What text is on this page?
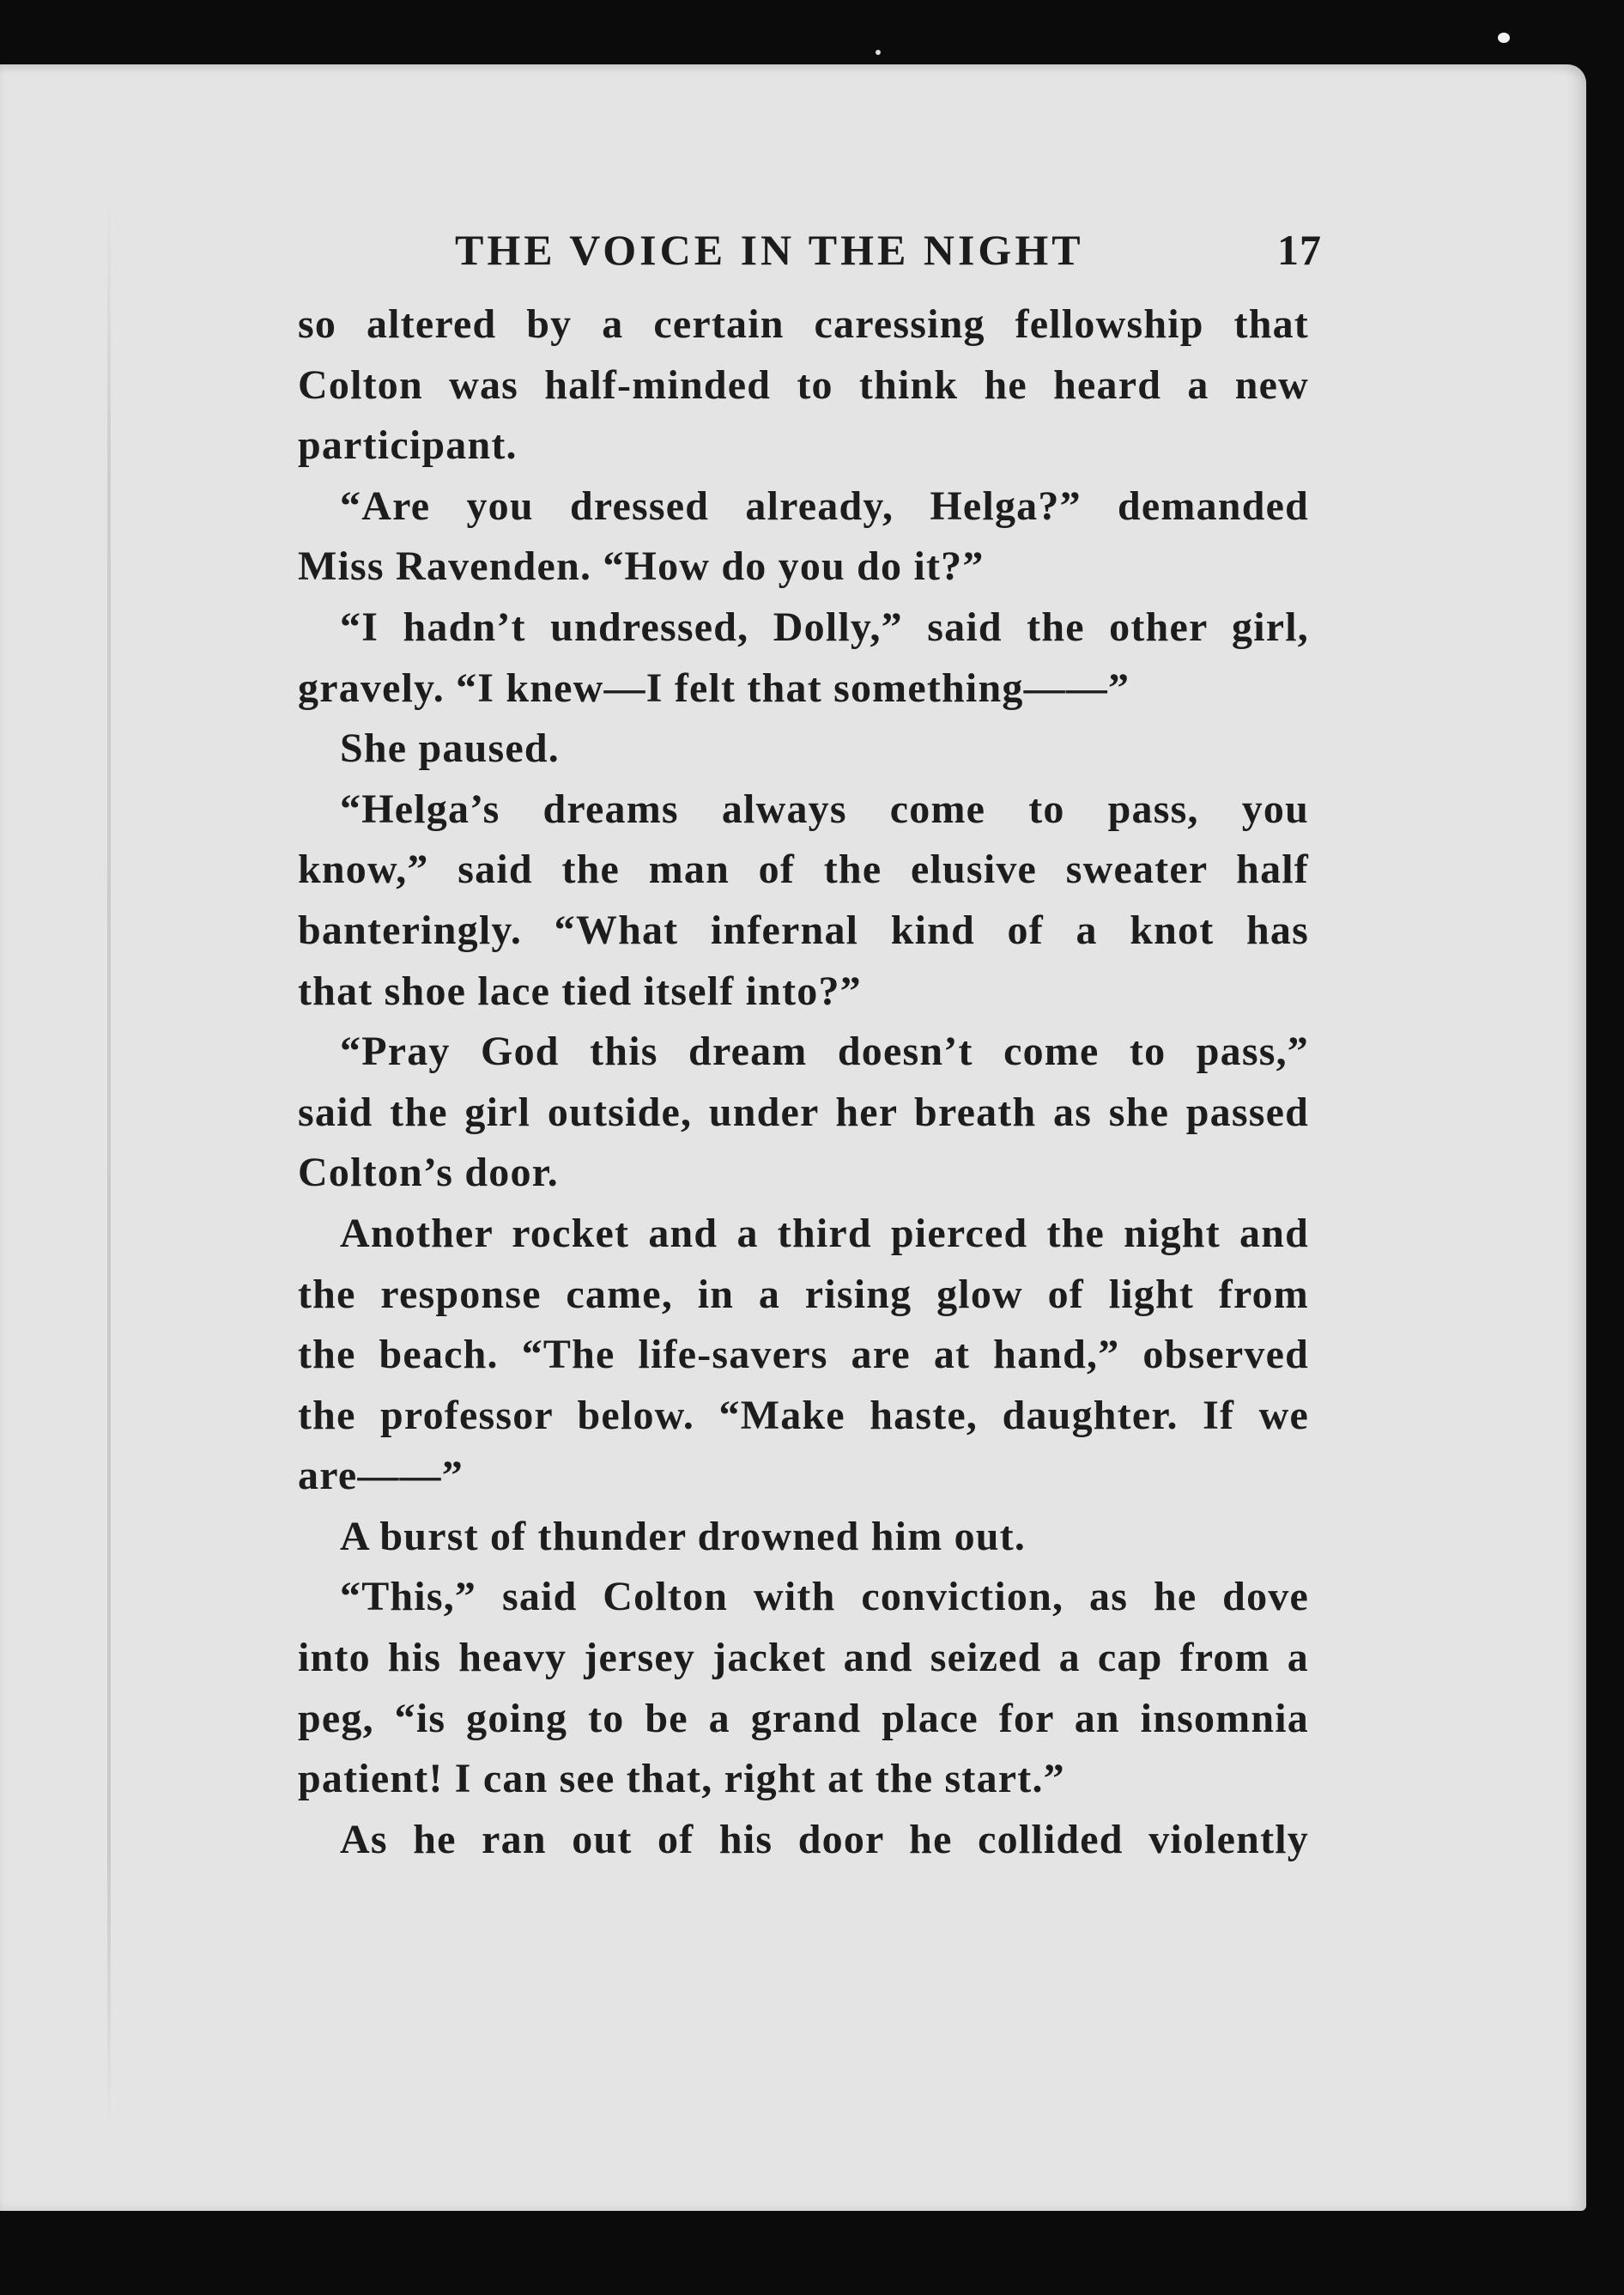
THE VOICE IN THE NIGHT	17
so altered by a certain caressing fellowship that
Colton was half-minded to think he heard a new
participant.
“Are you dressed already, Helga?” demanded
Miss Ravenden. “How do you do it?”
“I hadn’t undressed, Dolly,” said the other girl,
gravely. “I knew—I felt that something——”
She paused.
“Helga’s dreams always come to pass, you
know,” said the man of the elusive sweater half
banteringly. “What infernal kind of a knot has
that shoe lace tied itself into?”
“Pray God this dream doesn’t come to pass,”
said the girl outside, under her breath as she passed
Colton’s door.
Another rocket and a third pierced the night and
the response came, in a rising glow of light from
the beach. “The life-savers are at hand,” observed
the professor below. “Make haste, daughter. If we
are——”
A burst of thunder drowned him out.
“This,” said Colton with conviction, as he dove
into his heavy jersey jacket and seized a cap from a
peg, “is going to be a grand place for an insomnia
patient! I can see that, right at the start.”
As he ran out of his door he collided violently
